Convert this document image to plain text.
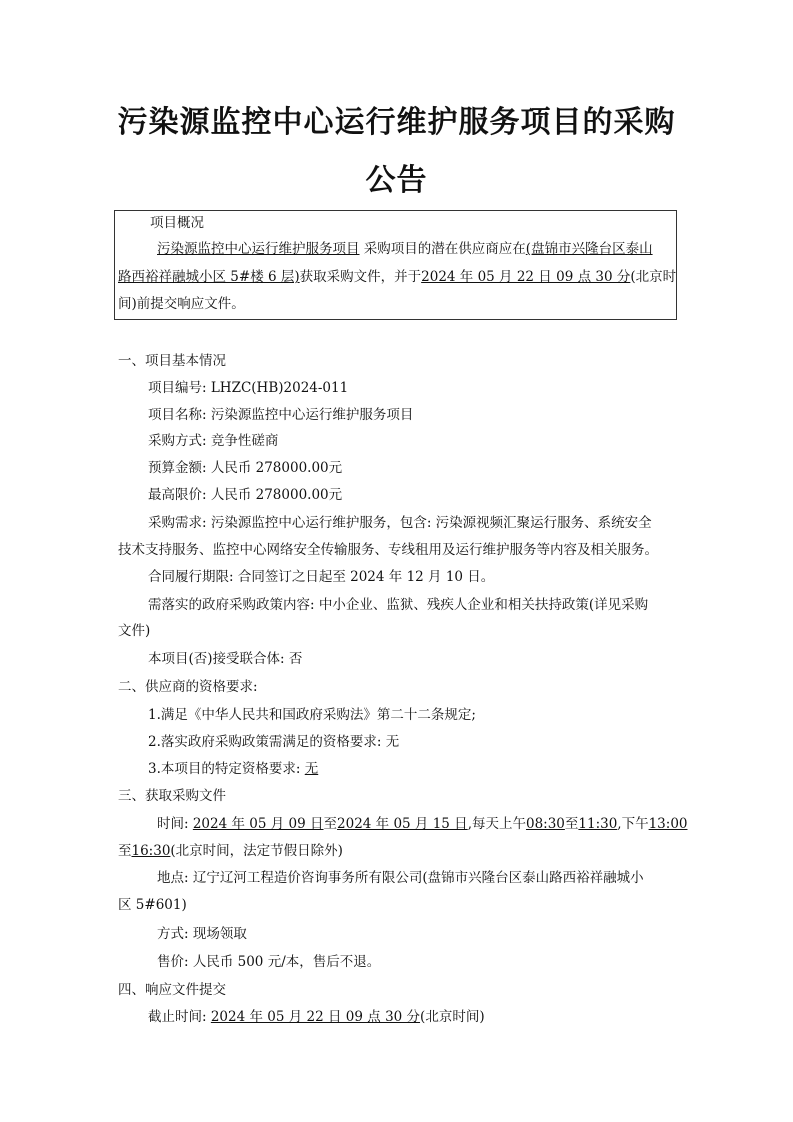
污染源监控中心运行维护服务项目的采购
公告
项目概况
污染源监控中心运行维护服务项目 采购项目的潜在供应商应在(盘锦市兴隆台区泰山
路西裕祥融城小区 5#楼 6 层)获取采购文件，并于2024 年 05 月 22 日 09 点 30 分(北京时
间)前提交响应文件。
一、项目基本情况
项目编号: LHZC(HB)2024-011
项目名称: 污染源监控中心运行维护服务项目
采购方式: 竞争性磋商
预算金额: 人民币 278000.00元
最高限价: 人民币 278000.00元
采购需求: 污染源监控中心运行维护服务，包含: 污染源视频汇聚运行服务、系统安全
技术支持服务、监控中心网络安全传输服务、专线租用及运行维护服务等内容及相关服务。
合同履行期限: 合同签订之日起至 2024 年 12 月 10 日。
需落实的政府采购政策内容: 中小企业、监狱、残疾人企业和相关扶持政策(详见采购
文件)
本项目(否)接受联合体: 否
二、供应商的资格要求:
1.满足《中华人民共和国政府采购法》第二十二条规定;
2.落实政府采购政策需满足的资格要求: 无
3.本项目的特定资格要求: 无
三、获取采购文件
时间: 2024 年 05 月 09 日至2024 年 05 月 15 日,每天上午08:30至11:30,下午13:00
至16:30(北京时间，法定节假日除外)
地点: 辽宁辽河工程造价咨询事务所有限公司(盘锦市兴隆台区泰山路西裕祥融城小
区 5#601)
方式: 现场领取
售价: 人民币 500 元/本，售后不退。
四、响应文件提交
截止时间: 2024 年 05 月 22 日 09 点 30 分(北京时间)
